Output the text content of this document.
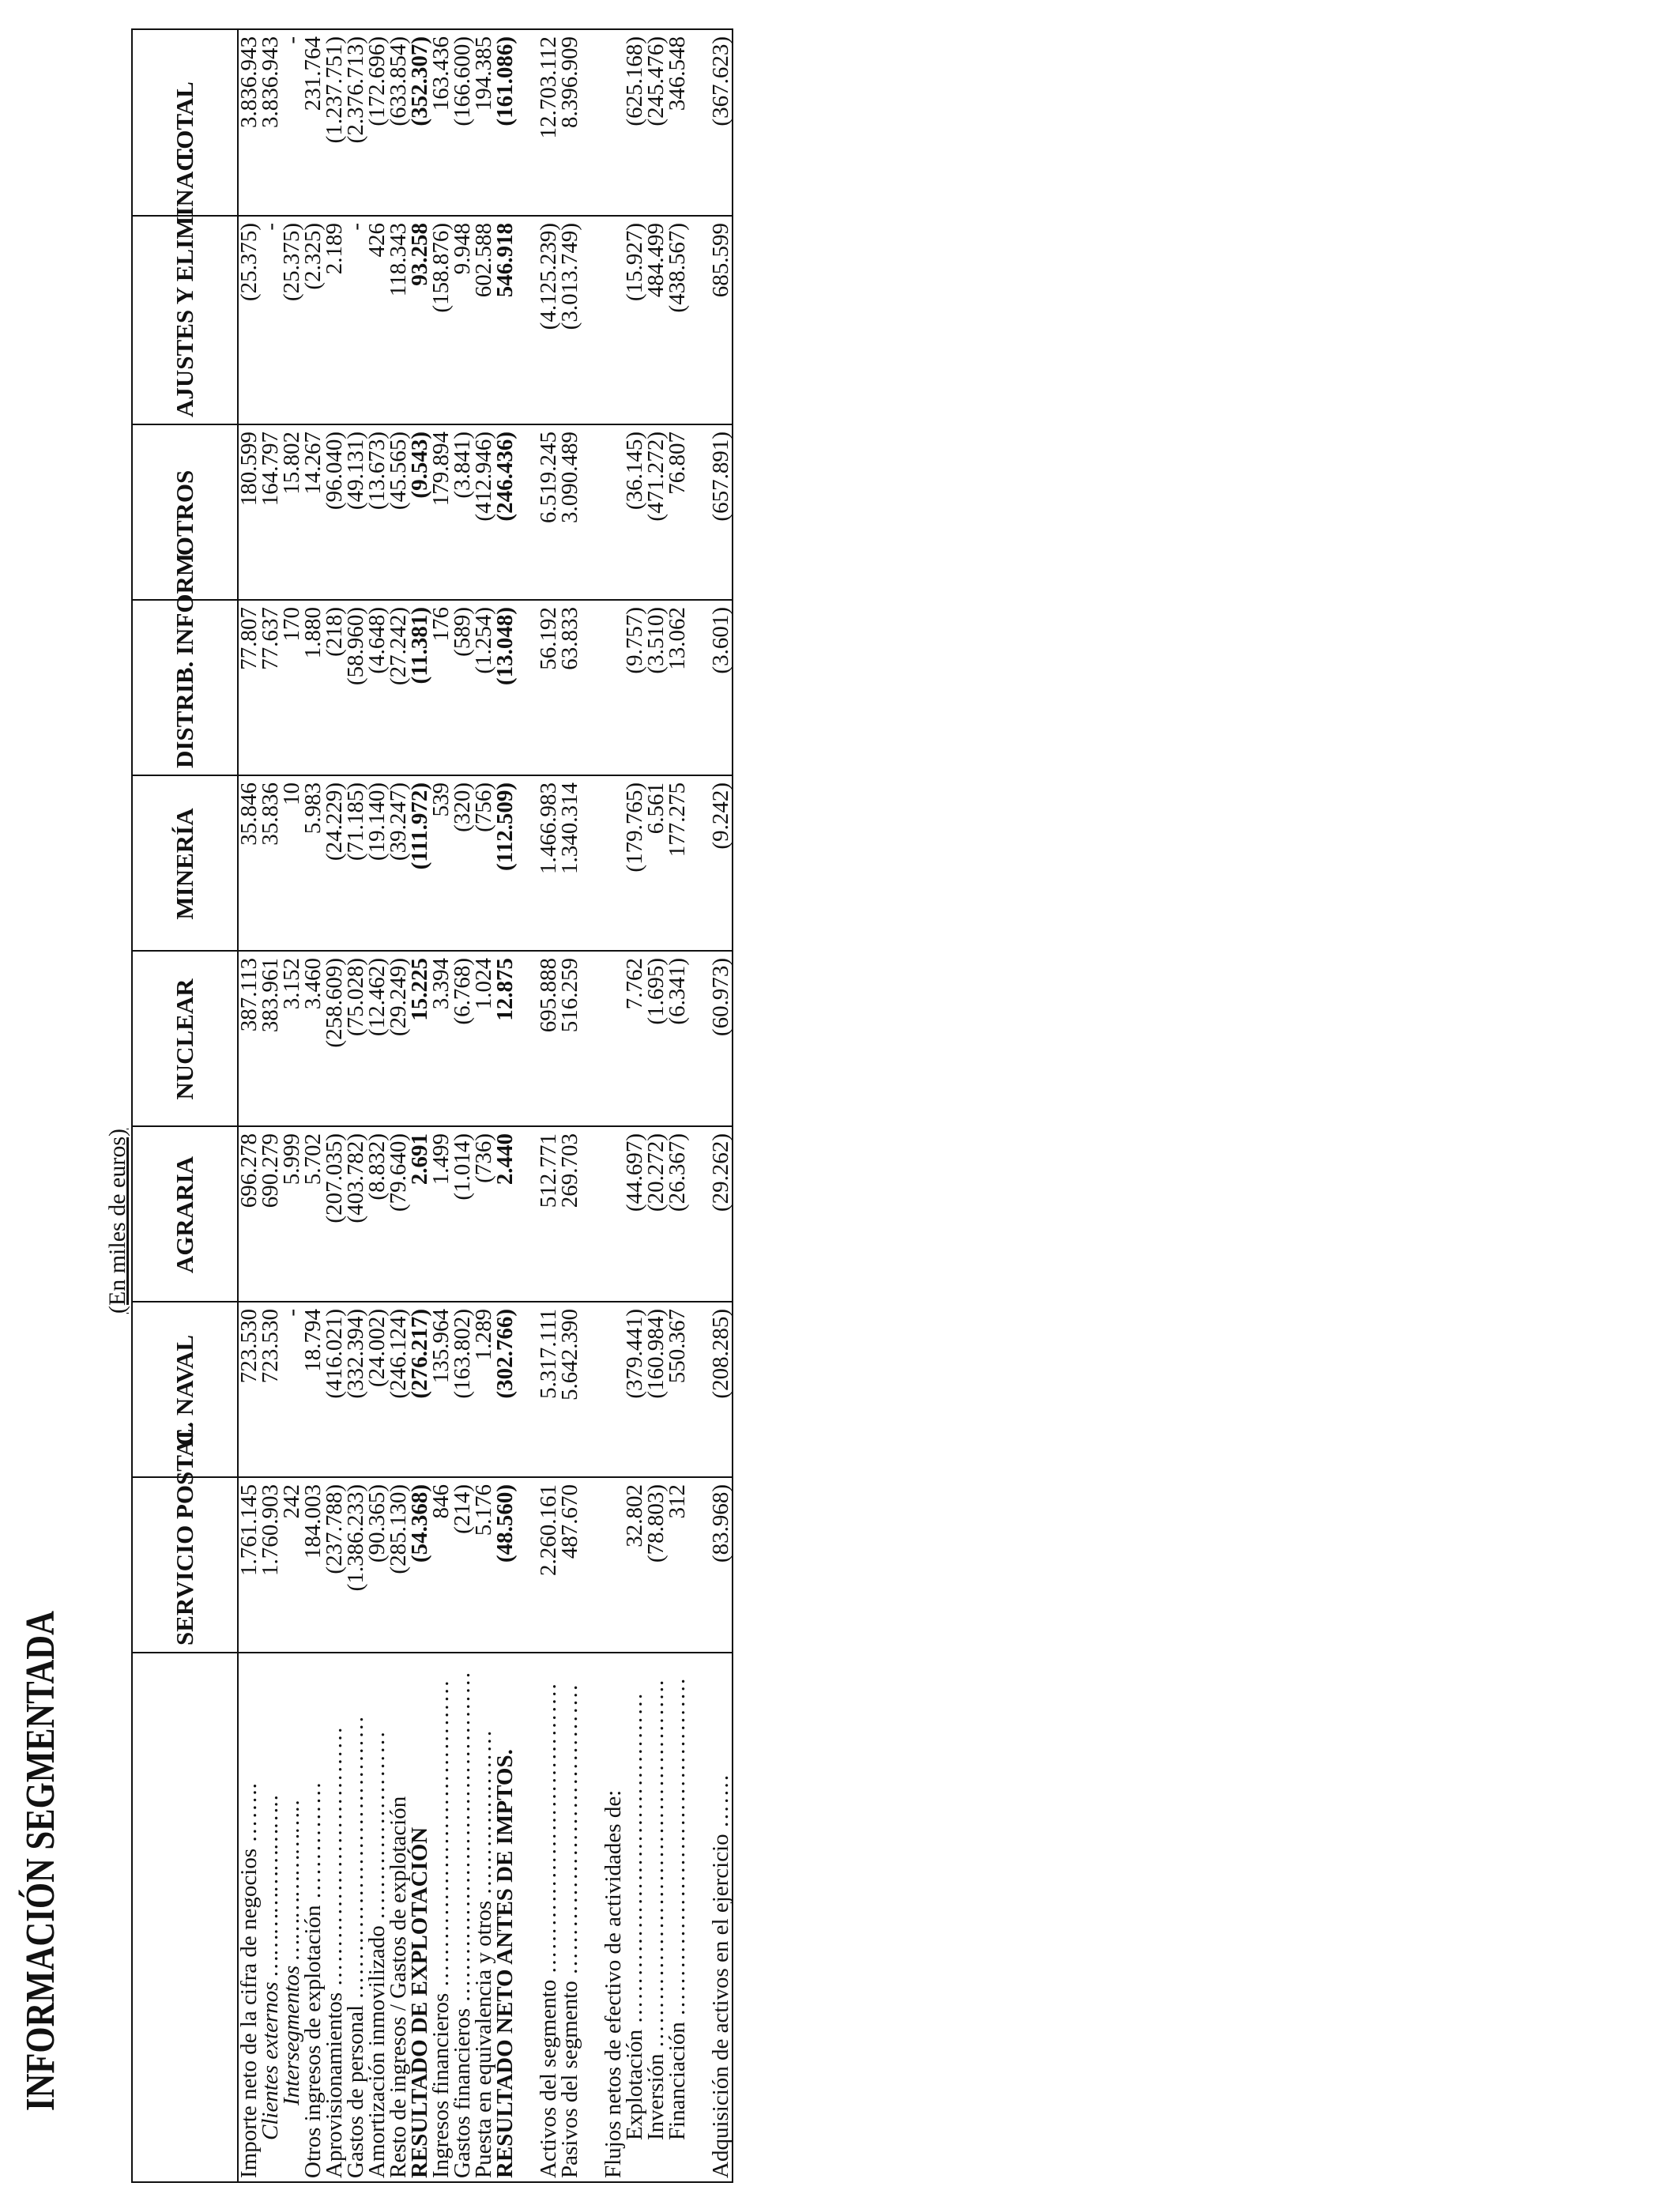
INFORMACIÓN SEGMENTADA
(En miles de euros)
	SERVICIO POSTAL	C. NAVAL	AGRARIA	NUCLEAR	MINERÍA	DISTRIB. INFORM.	OTROS	AJUSTES Y ELIMINAC.	TOTAL
Importe neto de la cifra de negocios ……..	1.761.145	723.530	696.278	387.113	35.846	77.807	180.599	(25.375)	3.836.943
Clientes externos ……………………..	1.760.903	723.530	690.279	383.961	35.836	77.637	164.797	-	3.836.943
Intersegmentos …………………..	242	-	5.999	3.152	10	170	15.802	(25.375)	-
Otros ingresos de explotación ……………	184.003	18.794	5.702	3.460	5.983	1.880	14.267	(2.325)	231.764
Aprovisionamientos ……………………………	(237.788)	(416.021)	(207.035)	(258.609)	(24.229)	(218)	(96.040)	2.189	(1.237.751)
Gastos de personal ………………………………	(1.386.233)	(332.394)	(403.782)	(75.028)	(71.185)	(58.960)	(49.131)	-	(2.376.713)
Amortización inmovilizado ……………………	(90.365)	(24.002)	(8.832)	(12.462)	(19.140)	(4.648)	(13.673)	426	(172.696)
Resto de ingresos / Gastos de explotación	(285.130)	(246.124)	(79.640)	(29.249)	(39.247)	(27.242)	(45.565)	118.343	(633.854)
RESULTADO DE EXPLOTACIÓN	(54.368)	(276.217)	2.691	15.225	(111.972)	(11.381)	(9.543)	93.258	(352.307)
Ingresos financieros …………………………………	846	135.964	1.499	3.394	539	176	179.894	(158.876)	163.436
Gastos financieros ……………………………………	(214)	(163.802)	(1.014)	(6.768)	(320)	(589)	(3.841)	9.948	(166.600)
Puesta en equivalencia y otros …………………	5.176	1.289	(736)	1.024	(756)	(1.254)	(412.946)	602.588	194.385
RESULTADO NETO ANTES DE IMPTOS.	(48.560)	(302.766)	2.440	12.875	(112.509)	(13.048)	(246.436)	546.918	(161.086)

Activos del segmento ……………………………….	2.260.161	5.317.111	512.771	695.888	1.466.983	56.192	6.519.245	(4.125.239)	12.703.112
Pasivos del segmento ……………………………….	487.670	5.642.390	269.703	516.259	1.340.314	63.833	3.090.489	(3.013.749)	8.396.909

Flujos netos de efectivo de actividades de:									
Explotación ……………………………………	32.802	(379.441)	(44.697)	7.762	(179.765)	(9.757)	(36.145)	(15.927)	(625.168)
Inversión ………………………………………..	(78.803)	(160.984)	(20.272)	(1.695)	6.561	(3.510)	(471.272)	484.499	(245.476)
Financiación …………………………………….	312	550.367	(26.367)	(6.341)	177.275	13.062	76.807	(438.567)	346.548

Adquisición de activos en el ejercicio …….	(83.968)	(208.285)	(29.262)	(60.973)	(9.242)	(3.601)	(657.891)	685.599	(367.623)
